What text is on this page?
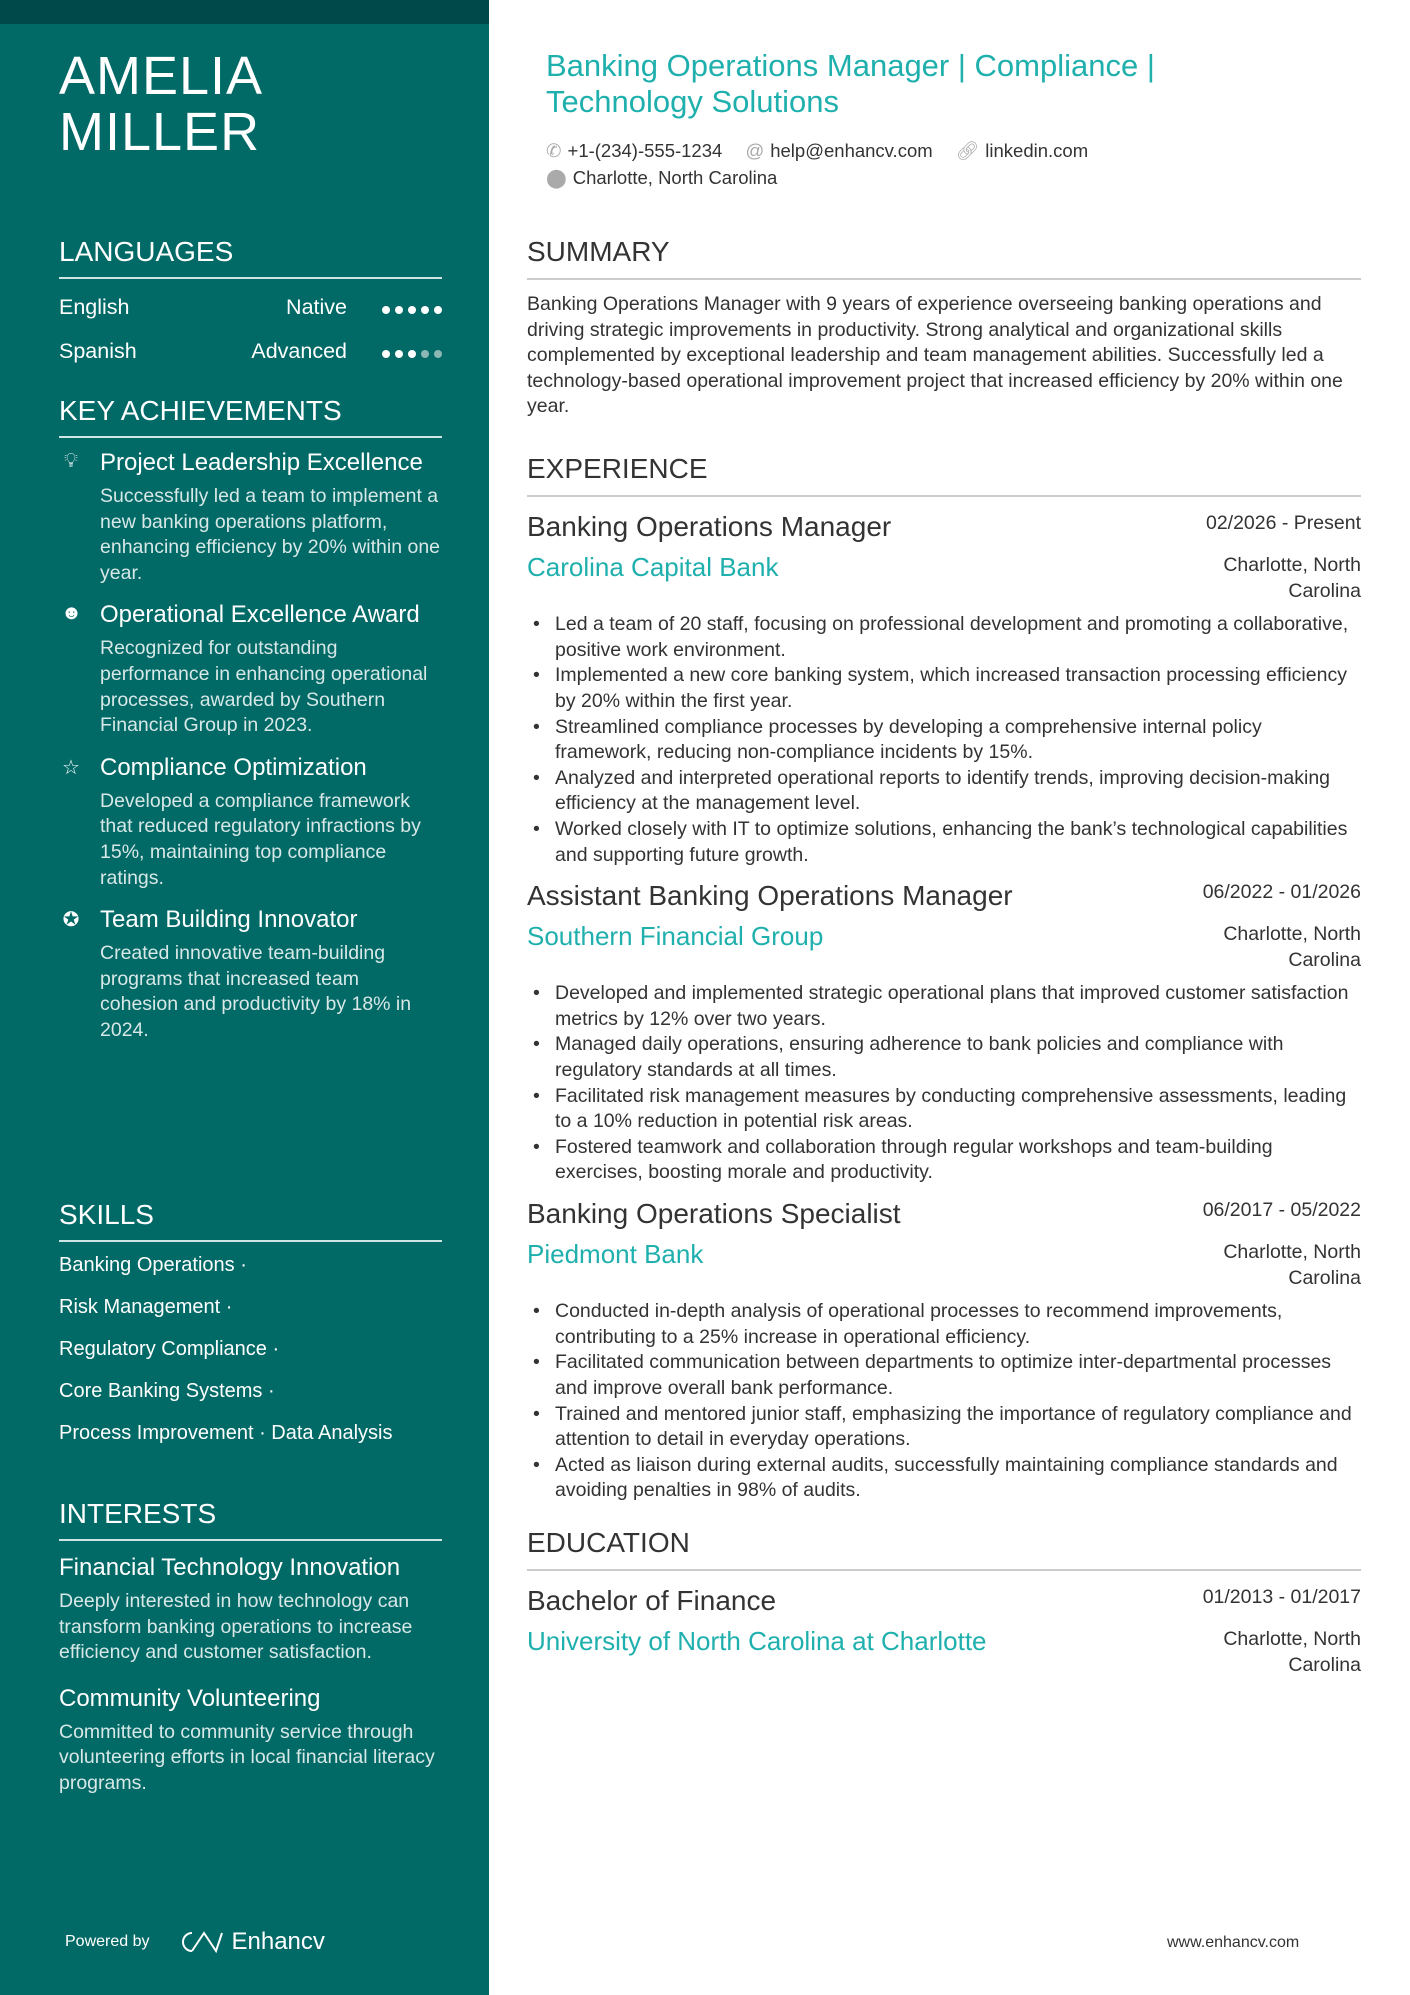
AMELIA
MILLER
LANGUAGES
English	Native
Spanish	Advanced
KEY ACHIEVEMENTS
💡︎ Project Leadership Excellence
Successfully led a team to implement a new banking operations platform, enhancing efficiency by 20% within one year.
☻ Operational Excellence Award
Recognized for outstanding performance in enhancing operational processes, awarded by Southern Financial Group in 2023.
☆ Compliance Optimization
Developed a compliance framework that reduced regulatory infractions by 15%, maintaining top compliance ratings.
✪ Team Building Innovator
Created innovative team-building programs that increased team cohesion and productivity by 18% in 2024.
SKILLS
Banking Operations ·
Risk Management ·
Regulatory Compliance ·
Core Banking Systems ·
Process Improvement · Data Analysis
INTERESTS
Financial Technology Innovation
Deeply interested in how technology can transform banking operations to increase efficiency and customer satisfaction.
Community Volunteering
Committed to community service through volunteering efforts in local financial literacy programs.
Powered by	Enhancv
Banking Operations Manager | Compliance | Technology Solutions
✆ +1-(234)-555-1234 @ help@enhancv.com 🔗︎ linkedin.com
⬤ Charlotte, North Carolina
SUMMARY
Banking Operations Manager with 9 years of experience overseeing banking operations and driving strategic improvements in productivity. Strong analytical and organizational skills complemented by exceptional leadership and team management abilities. Successfully led a technology-based operational improvement project that increased efficiency by 20% within one year.
EXPERIENCE
Banking Operations Manager	02/2026 - Present
Carolina Capital Bank	Charlotte, North Carolina
• Led a team of 20 staff, focusing on professional development and promoting a collaborative, positive work environment.
• Implemented a new core banking system, which increased transaction processing efficiency by 20% within the first year.
• Streamlined compliance processes by developing a comprehensive internal policy framework, reducing non-compliance incidents by 15%.
• Analyzed and interpreted operational reports to identify trends, improving decision-making efficiency at the management level.
• Worked closely with IT to optimize solutions, enhancing the bank’s technological capabilities and supporting future growth.
Assistant Banking Operations Manager	06/2022 - 01/2026
Southern Financial Group	Charlotte, North Carolina
• Developed and implemented strategic operational plans that improved customer satisfaction metrics by 12% over two years.
• Managed daily operations, ensuring adherence to bank policies and compliance with regulatory standards at all times.
• Facilitated risk management measures by conducting comprehensive assessments, leading to a 10% reduction in potential risk areas.
• Fostered teamwork and collaboration through regular workshops and team-building exercises, boosting morale and productivity.
Banking Operations Specialist	06/2017 - 05/2022
Piedmont Bank	Charlotte, North Carolina
• Conducted in-depth analysis of operational processes to recommend improvements, contributing to a 25% increase in operational efficiency.
• Facilitated communication between departments to optimize inter-departmental processes and improve overall bank performance.
• Trained and mentored junior staff, emphasizing the importance of regulatory compliance and attention to detail in everyday operations.
• Acted as liaison during external audits, successfully maintaining compliance standards and avoiding penalties in 98% of audits.
EDUCATION
Bachelor of Finance	01/2013 - 01/2017
University of North Carolina at Charlotte	Charlotte, North Carolina
www.enhancv.com
